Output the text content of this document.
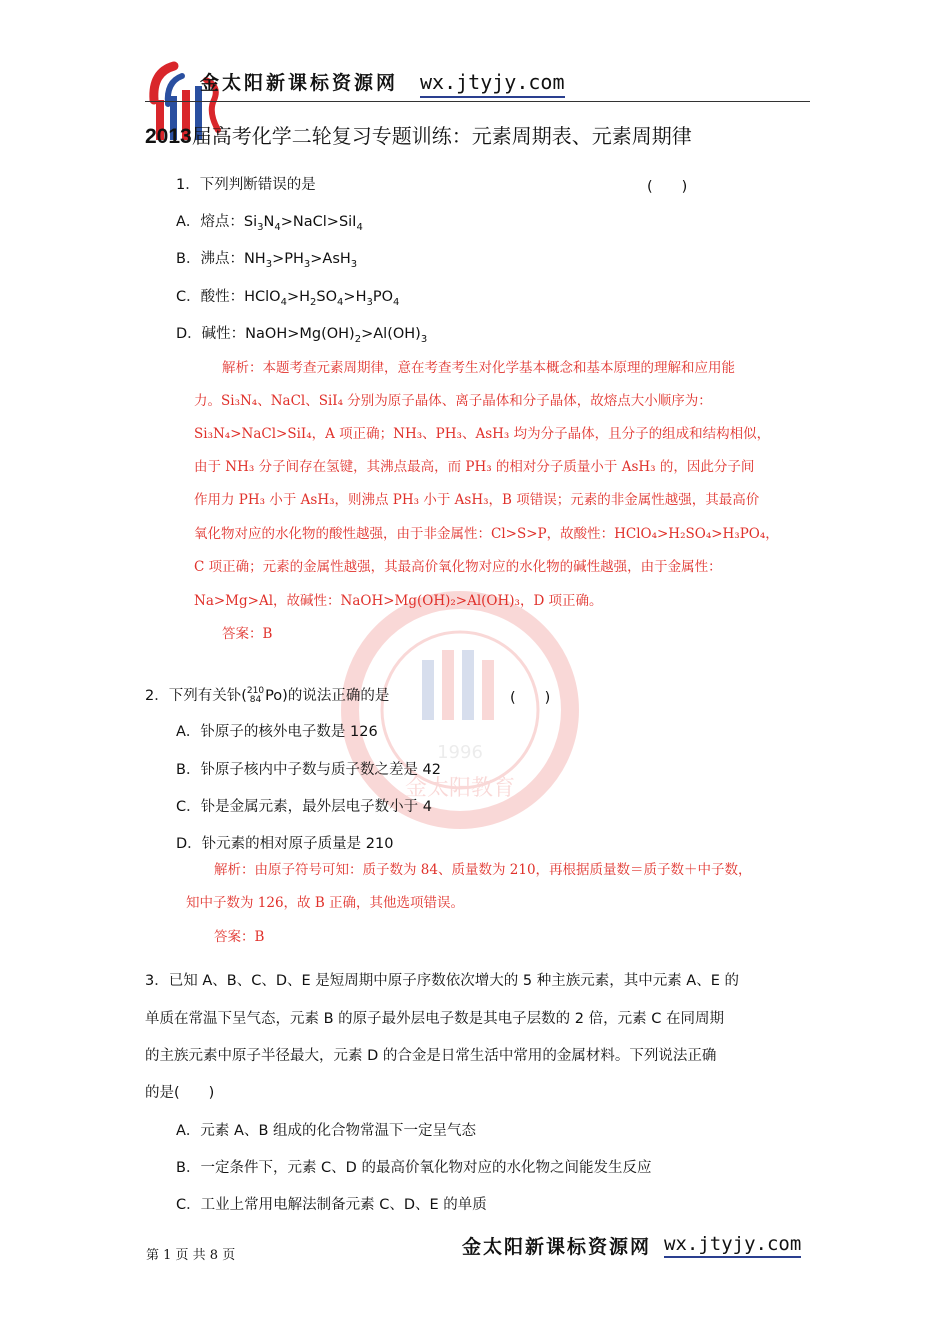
金太阳新课标资源网 wx.jtyjy.com
2013届高考化学二轮复习专题训练：元素周期表、元素周期律
1996
金太阳教育
1．下列判断错误的是	(　　)
A．熔点：$Si_3N_4>NaCl>SiI_4$
B．沸点：$NH_3>PH_3>AsH_3$
C．酸性：$HClO_4>H_2SO_4>H_3PO_4$
D．碱性：$NaOH>Mg(OH)_2>Al(OH)_3$
解析：本题考查元素周期律，意在考查考生对化学基本概念和基本原理的理解和应用能
力。Si₃N₄、NaCl、SiI₄ 分别为原子晶体、离子晶体和分子晶体，故熔点大小顺序为：
Si₃N₄>NaCl>SiI₄，A 项正确；NH₃、PH₃、AsH₃ 均为分子晶体，且分子的组成和结构相似，
由于 NH₃ 分子间存在氢键，其沸点最高，而 PH₃ 的相对分子质量小于 AsH₃ 的，因此分子间
作用力 PH₃ 小于 AsH₃，则沸点 PH₃ 小于 AsH₃，B 项错误；元素的非金属性越强，其最高价
氧化物对应的水化物的酸性越强，由于非金属性：Cl>S>P，故酸性：HClO₄>H₂SO₄>H₃PO₄，
C 项正确；元素的金属性越强，其最高价氧化物对应的水化物的碱性越强，由于金属性：
Na>Mg>Al，故碱性：NaOH>Mg(OH)₂>Al(OH)₃，D 项正确。
答案：B
2．下列有关钋(210
84 Po)的说法正确的是	(　　)
A．钋原子的核外电子数是 126
B．钋原子核内中子数与质子数之差是 42
C．钋是金属元素，最外层电子数小于 4
D．钋元素的相对原子质量是 210
解析：由原子符号可知：质子数为 84、质量数为 210，再根据质量数＝质子数＋中子数，
知中子数为 126，故 B 正确，其他选项错误。
答案：B
3．已知 A、B、C、D、E 是短周期中原子序数依次增大的 5 种主族元素，其中元素 A、E 的
单质在常温下呈气态，元素 B 的原子最外层电子数是其电子层数的 2 倍，元素 C 在同周期
的主族元素中原子半径最大，元素 D 的合金是日常生活中常用的金属材料。下列说法正确
的是(　　)
A．元素 A、B 组成的化合物常温下一定呈气态
B．一定条件下，元素 C、D 的最高价氧化物对应的水化物之间能发生反应
C．工业上常用电解法制备元素 C、D、E 的单质
第 1 页 共 8 页	金太阳新课标资源网 wx.jtyjy.com
